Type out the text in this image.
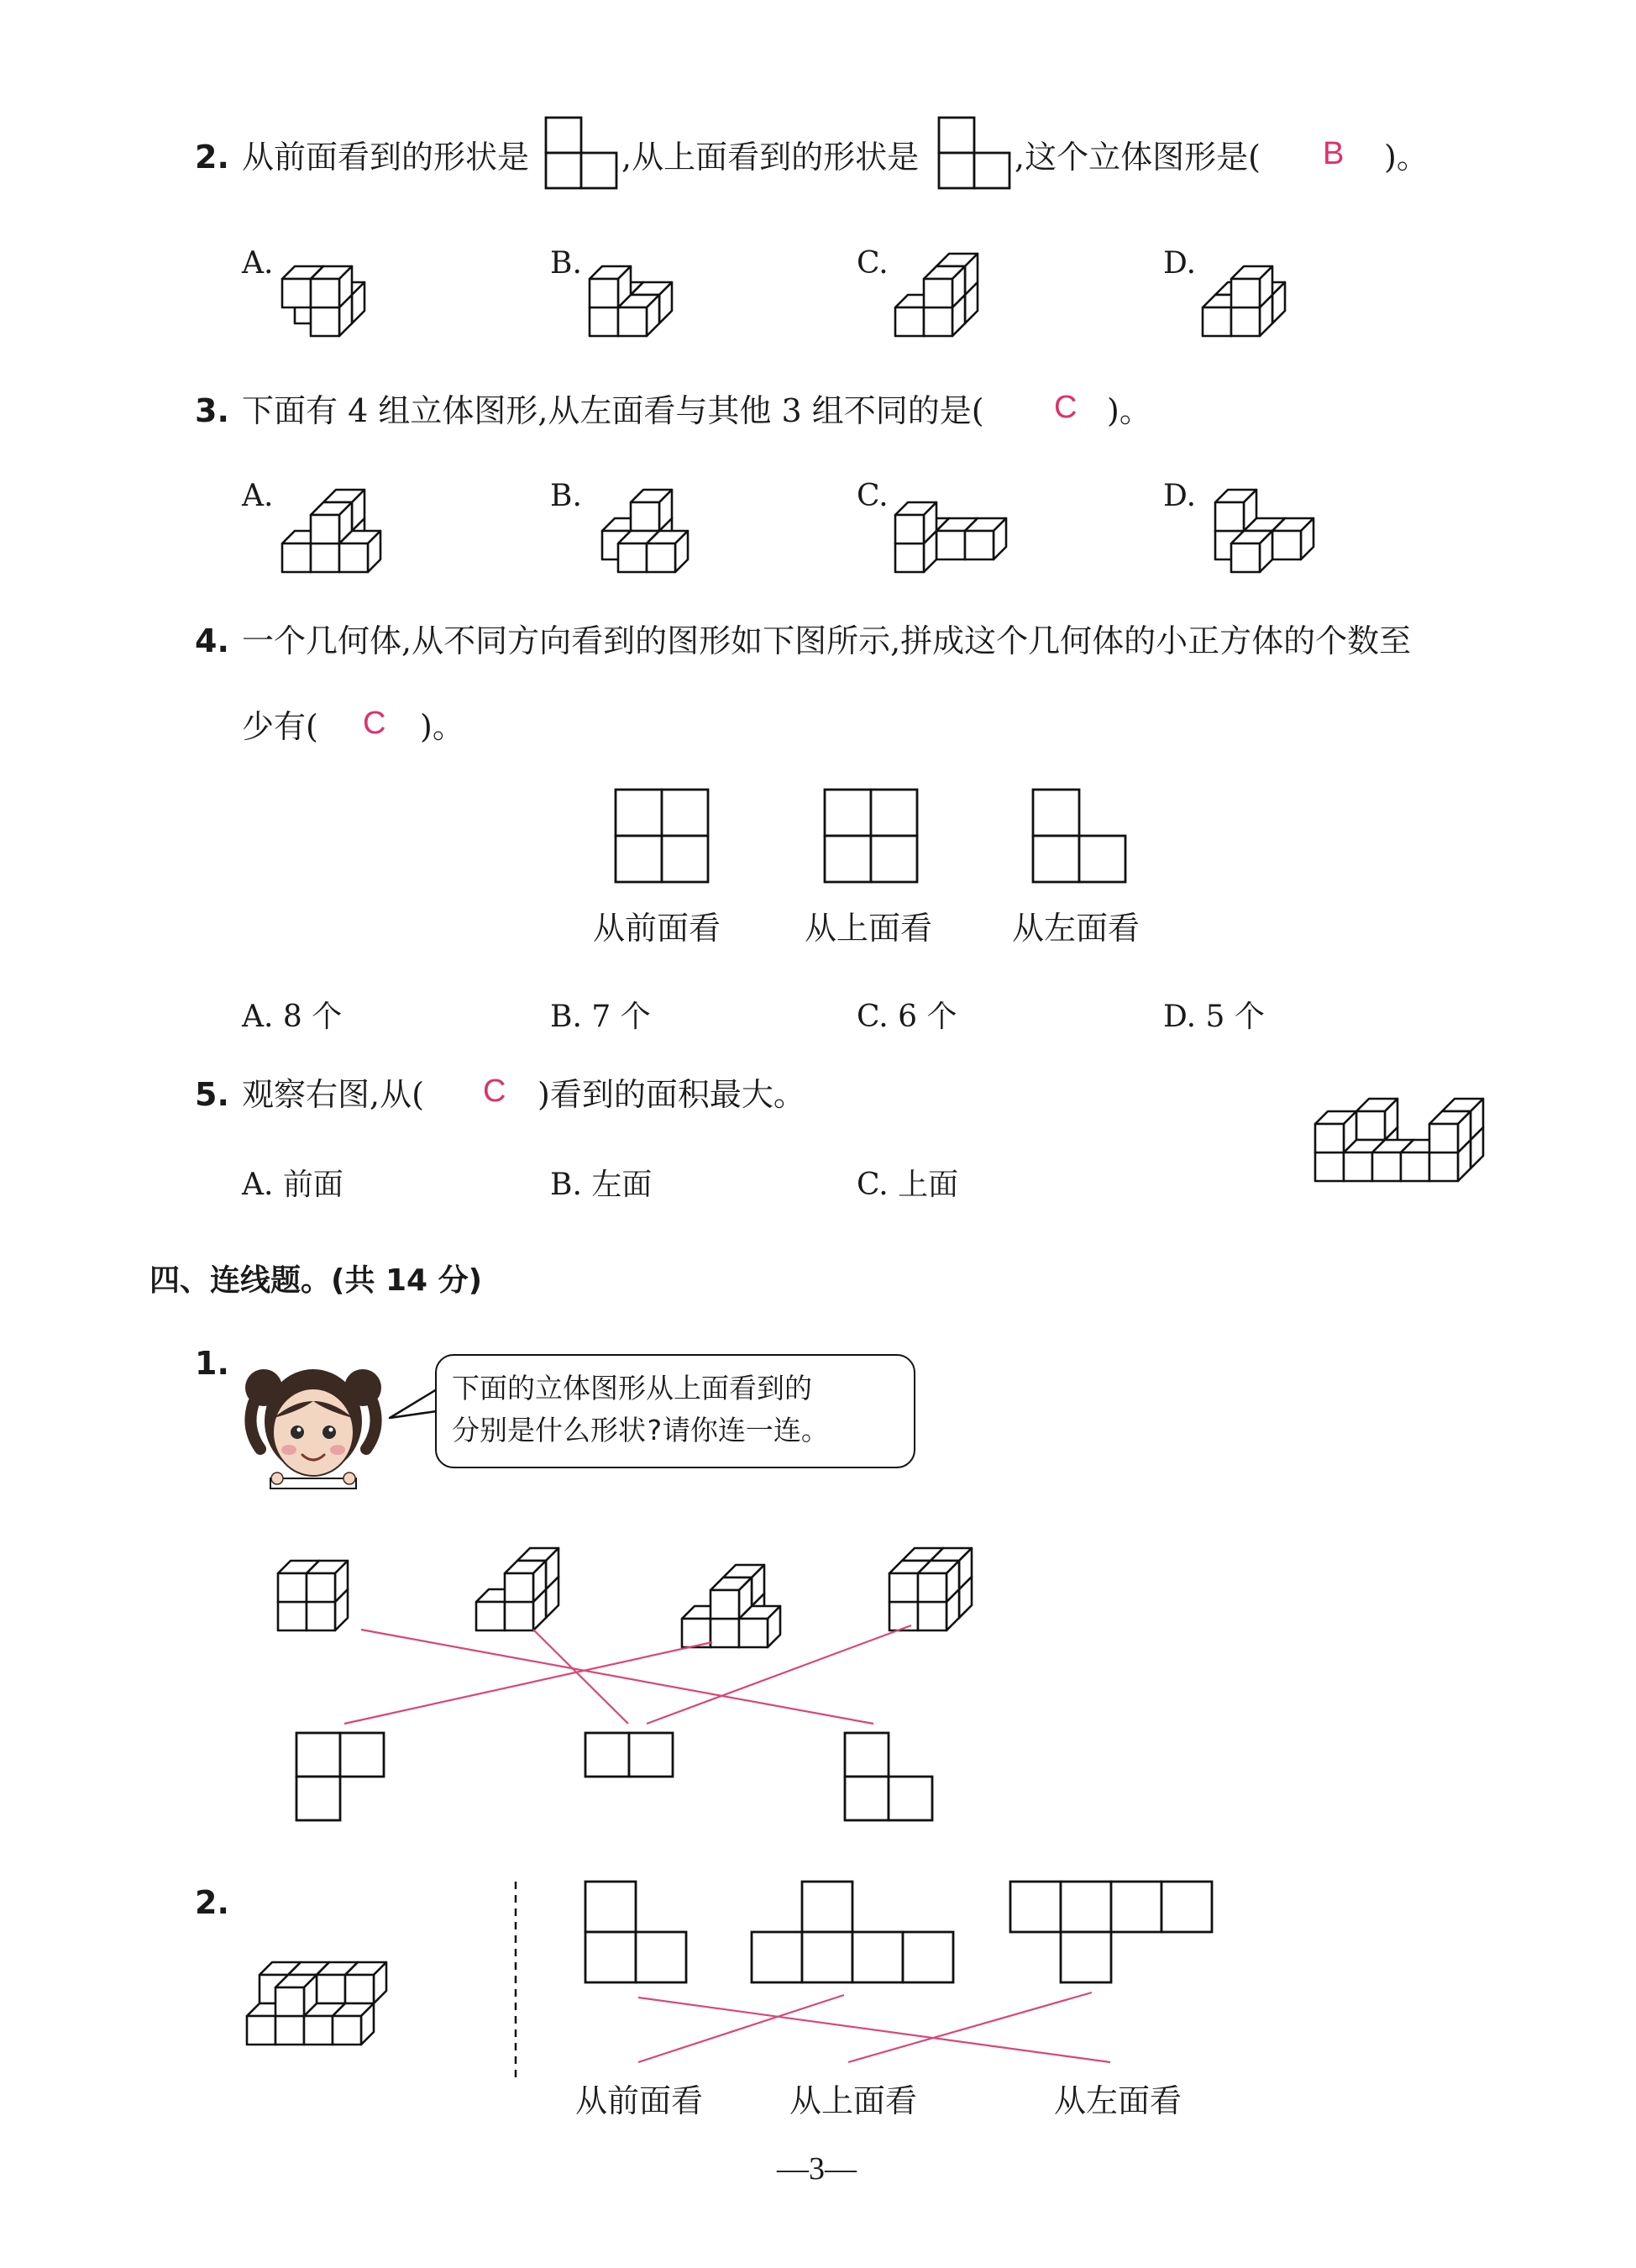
2. 从前面看到的形状是	,从上面看到的形状是	,这个立体图形是( B )。
A.	B.	C.	D.
3. 下面有 4 组立体图形,从左面看与其他 3 组不同的是( C )。
A.	B.	C.	D.
4. 一个几何体,从不同方向看到的图形如下图所示,拼成这个几何体的小正方体的个数至
少有( C )。
从前面看	从上面看 从左面看
A. 8 个	B. 7 个	C. 6 个	D. 5 个
5. 观察右图,从( C )看到的面积最大。
A. 前面	B. 左面	C. 上面
四、连线题。(共 14 分)
1.
下面的立体图形从上面看到的
分别是什么形状?请你连一连。
2.
从前面看	从上面看	从左面看
—3—
